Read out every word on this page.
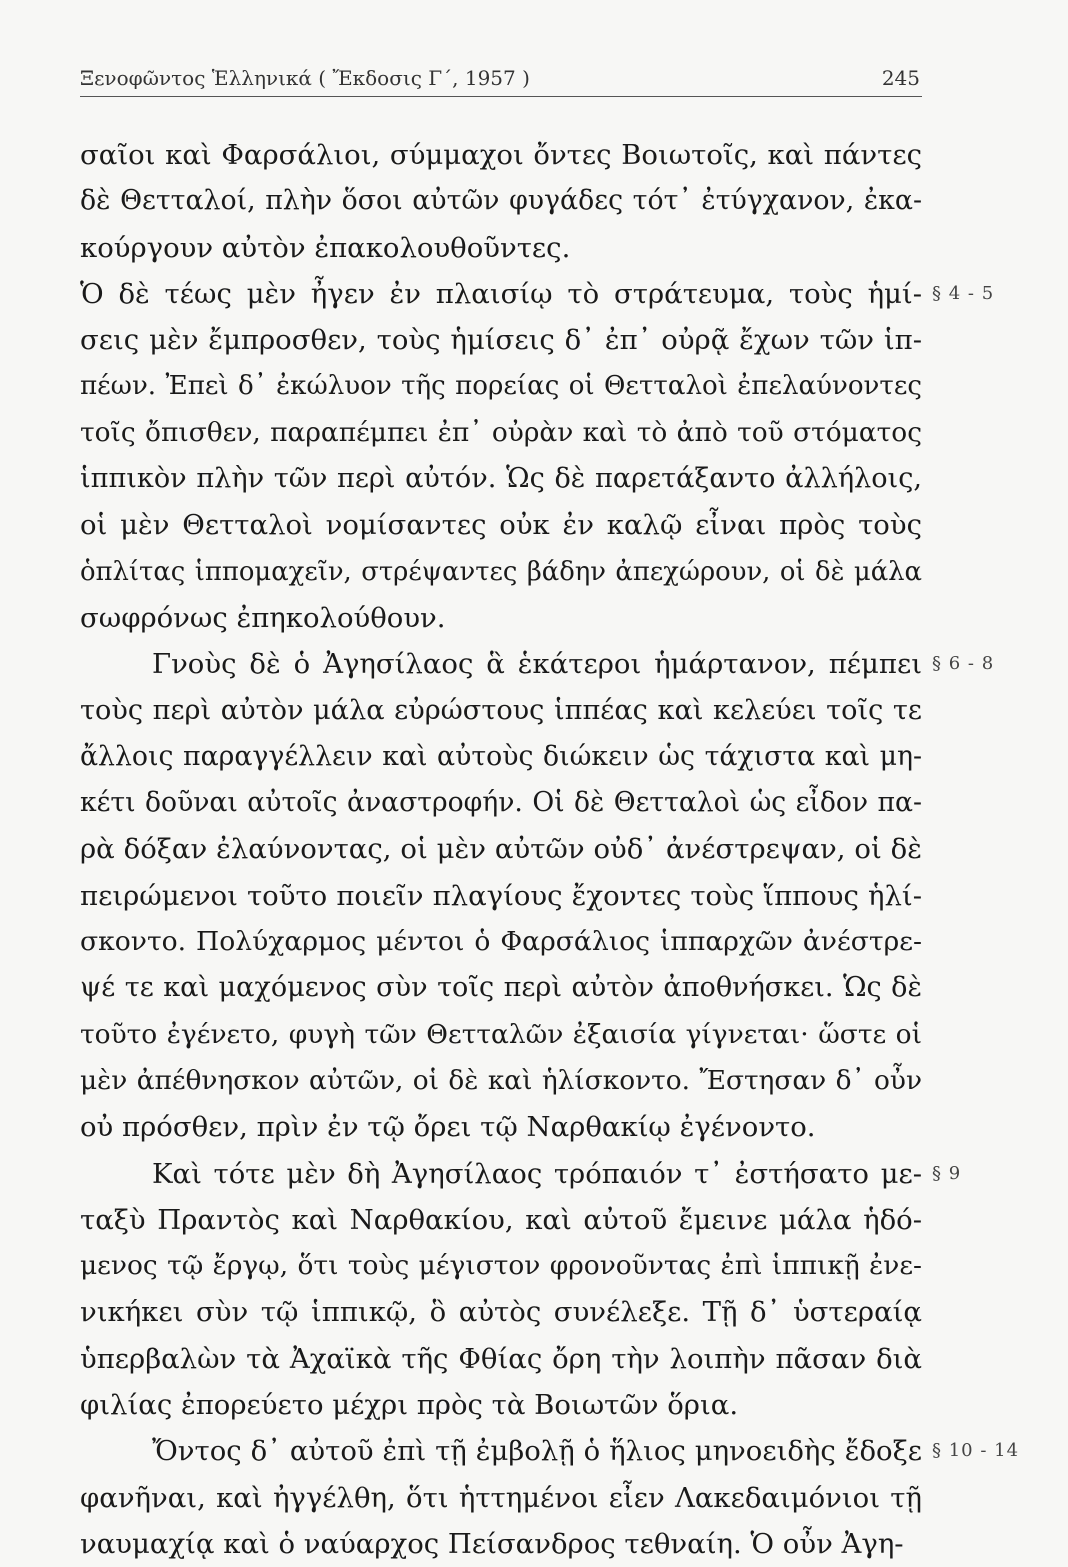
Ξενοφῶντος Ἑλληνικά ( Ἔκδοσις Γ΄, 1957 )	245
σαῖοι καὶ Φαρσάλιοι, σύμμαχοι ὄντες Βοιωτοῖς, καὶ πάντες
δὲ Θετταλοί, πλὴν ὅσοι αὐτῶν φυγάδες τότ᾽ ἐτύγχανον, ἐκα-
κούργουν αὐτὸν ἐπακολουθοῦντες.
Ὁ δὲ τέως μὲν ἦγεν ἐν πλαισίῳ τὸ στράτευμα, τοὺς ἡμί- § 4 - 5
σεις μὲν ἔμπροσθεν, τοὺς ἡμίσεις δ᾽ ἐπ᾽ οὐρᾷ ἔχων τῶν ἱπ-
πέων. Ἐπεὶ δ᾽ ἐκώλυον τῆς πορείας οἱ Θετταλοὶ ἐπελαύνοντες
τοῖς ὄπισθεν, παραπέμπει ἐπ᾽ οὐρὰν καὶ τὸ ἀπὸ τοῦ στόματος
ἱππικὸν πλὴν τῶν περὶ αὐτόν. Ὡς δὲ παρετάξαντο ἀλλήλοις,
οἱ μὲν Θετταλοὶ νομίσαντες οὐκ ἐν καλῷ εἶναι πρὸς τοὺς
ὁπλίτας ἱππομαχεῖν, στρέψαντες βάδην ἀπεχώρουν, οἱ δὲ μάλα
σωφρόνως ἐπηκολούθουν.
Γνοὺς δὲ ὁ Ἀγησίλαος ἃ ἑκάτεροι ἡμάρτανον, πέμπει § 6 - 8
τοὺς περὶ αὐτὸν μάλα εὐρώστους ἱππέας καὶ κελεύει τοῖς τε
ἄλλοις παραγγέλλειν καὶ αὐτοὺς διώκειν ὡς τάχιστα καὶ μη-
κέτι δοῦναι αὐτοῖς ἀναστροφήν. Οἱ δὲ Θετταλοὶ ὡς εἶδον πα-
ρὰ δόξαν ἐλαύνοντας, οἱ μὲν αὐτῶν οὐδ᾽ ἀνέστρεψαν, οἱ δὲ
πειρώμενοι τοῦτο ποιεῖν πλαγίους ἔχοντες τοὺς ἵππους ἡλί-
σκοντο. Πολύχαρμος μέντοι ὁ Φαρσάλιος ἱππαρχῶν ἀνέστρε-
ψέ τε καὶ μαχόμενος σὺν τοῖς περὶ αὐτὸν ἀποθνήσκει. Ὡς δὲ
τοῦτο ἐγένετο, φυγὴ τῶν Θετταλῶν ἐξαισία γίγνεται· ὥστε οἱ
μὲν ἀπέθνησκον αὐτῶν, οἱ δὲ καὶ ἡλίσκοντο. Ἔστησαν δ᾽ οὖν
οὐ πρόσθεν, πρὶν ἐν τῷ ὄρει τῷ Ναρθακίῳ ἐγένοντο.
Καὶ τότε μὲν δὴ Ἀγησίλαος τρόπαιόν τ᾽ ἐστήσατο με- § 9
ταξὺ Πραντὸς καὶ Ναρθακίου, καὶ αὐτοῦ ἔμεινε μάλα ἡδό-
μενος τῷ ἔργῳ, ὅτι τοὺς μέγιστον φρονοῦντας ἐπὶ ἱππικῇ ἐνε-
νικήκει σὺν τῷ ἱππικῷ, ὃ αὐτὸς συνέλεξε. Τῇ δ᾽ ὑστεραίᾳ
ὑπερβαλὼν τὰ Ἀχαϊκὰ τῆς Φθίας ὄρη τὴν λοιπὴν πᾶσαν διὰ
φιλίας ἐπορεύετο μέχρι πρὸς τὰ Βοιωτῶν ὅρια.
Ὄντος δ᾽ αὐτοῦ ἐπὶ τῇ ἐμβολῇ ὁ ἥλιος μηνοειδὴς ἔδοξε § 10 - 14
φανῆναι, καὶ ἠγγέλθη, ὅτι ἡττημένοι εἶεν Λακεδαιμόνιοι τῇ
ναυμαχίᾳ καὶ ὁ ναύαρχος Πείσανδρος τεθναίη. Ὁ οὖν Ἀγη-
